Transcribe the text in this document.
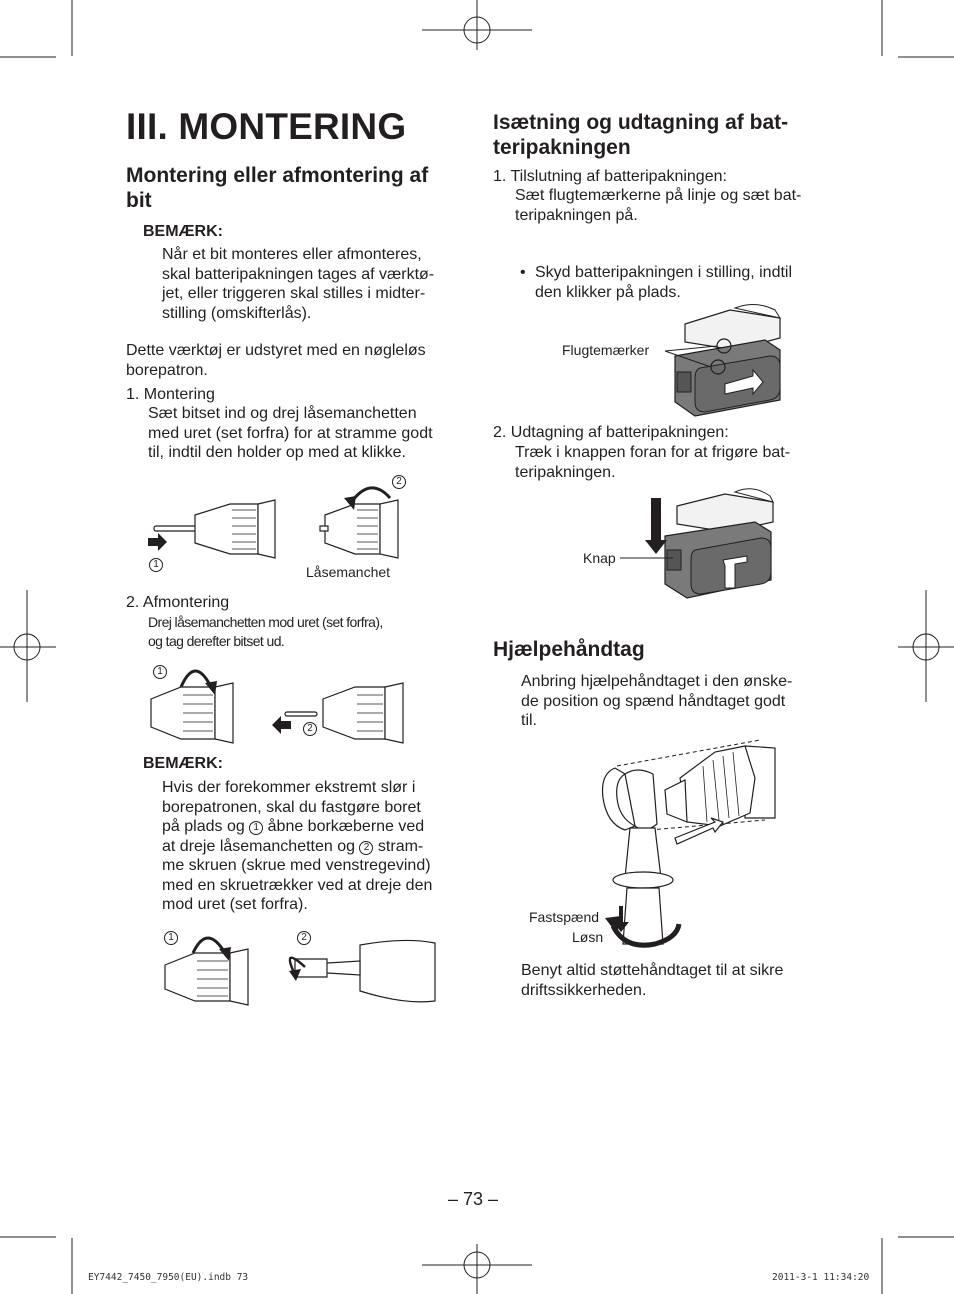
III. MONTERING
Montering eller afmontering af bit
BEMÆRK:
Når et bit monteres eller afmonteres,
skal batteripakningen tages af værktø-
jet, eller triggeren skal stilles i midter-
stilling (omskifterlås).
Dette værktøj er udstyret med en nøgleløs
borepatron.
1. Montering
Sæt bitset ind og drej låsemanchetten
med uret (set forfra) for at stramme godt
til, indtil den holder op med at klikke.
1
2
Låsemanchet
2. Afmontering
Drej låsemanchetten mod uret (set forfra),
og tag derefter bitset ud.
1
2
BEMÆRK:
Hvis der forekommer ekstremt slør i
borepatronen, skal du fastgøre boret
på plads og 1 åbne borkæberne ved
at dreje låsemanchetten og 2 stram-
me skruen (skrue med venstregevind)
med en skruetrækker ved at dreje den
mod uret (set forfra).
1	2
Isætning og udtagning af bat-
teripakningen
1. Tilslutning af batteripakningen:
Sæt flugtemærkerne på linje og sæt bat-
teripakningen på.
• Skyd batteripakningen i stilling, indtil
den klikker på plads.
Flugtemærker
2. Udtagning af batteripakningen:
Træk i knappen foran for at frigøre bat-
teripakningen.
Knap
Hjælpehåndtag
Anbring hjælpehåndtaget i den ønske-
de position og spænd håndtaget godt
til.
Fastspænd
Løsn
Benyt altid støttehåndtaget til at sikre
driftssikkerheden.
– 73 –
EY7442_7450_7950(EU).indb 73	2011-3-1 11:34:20
